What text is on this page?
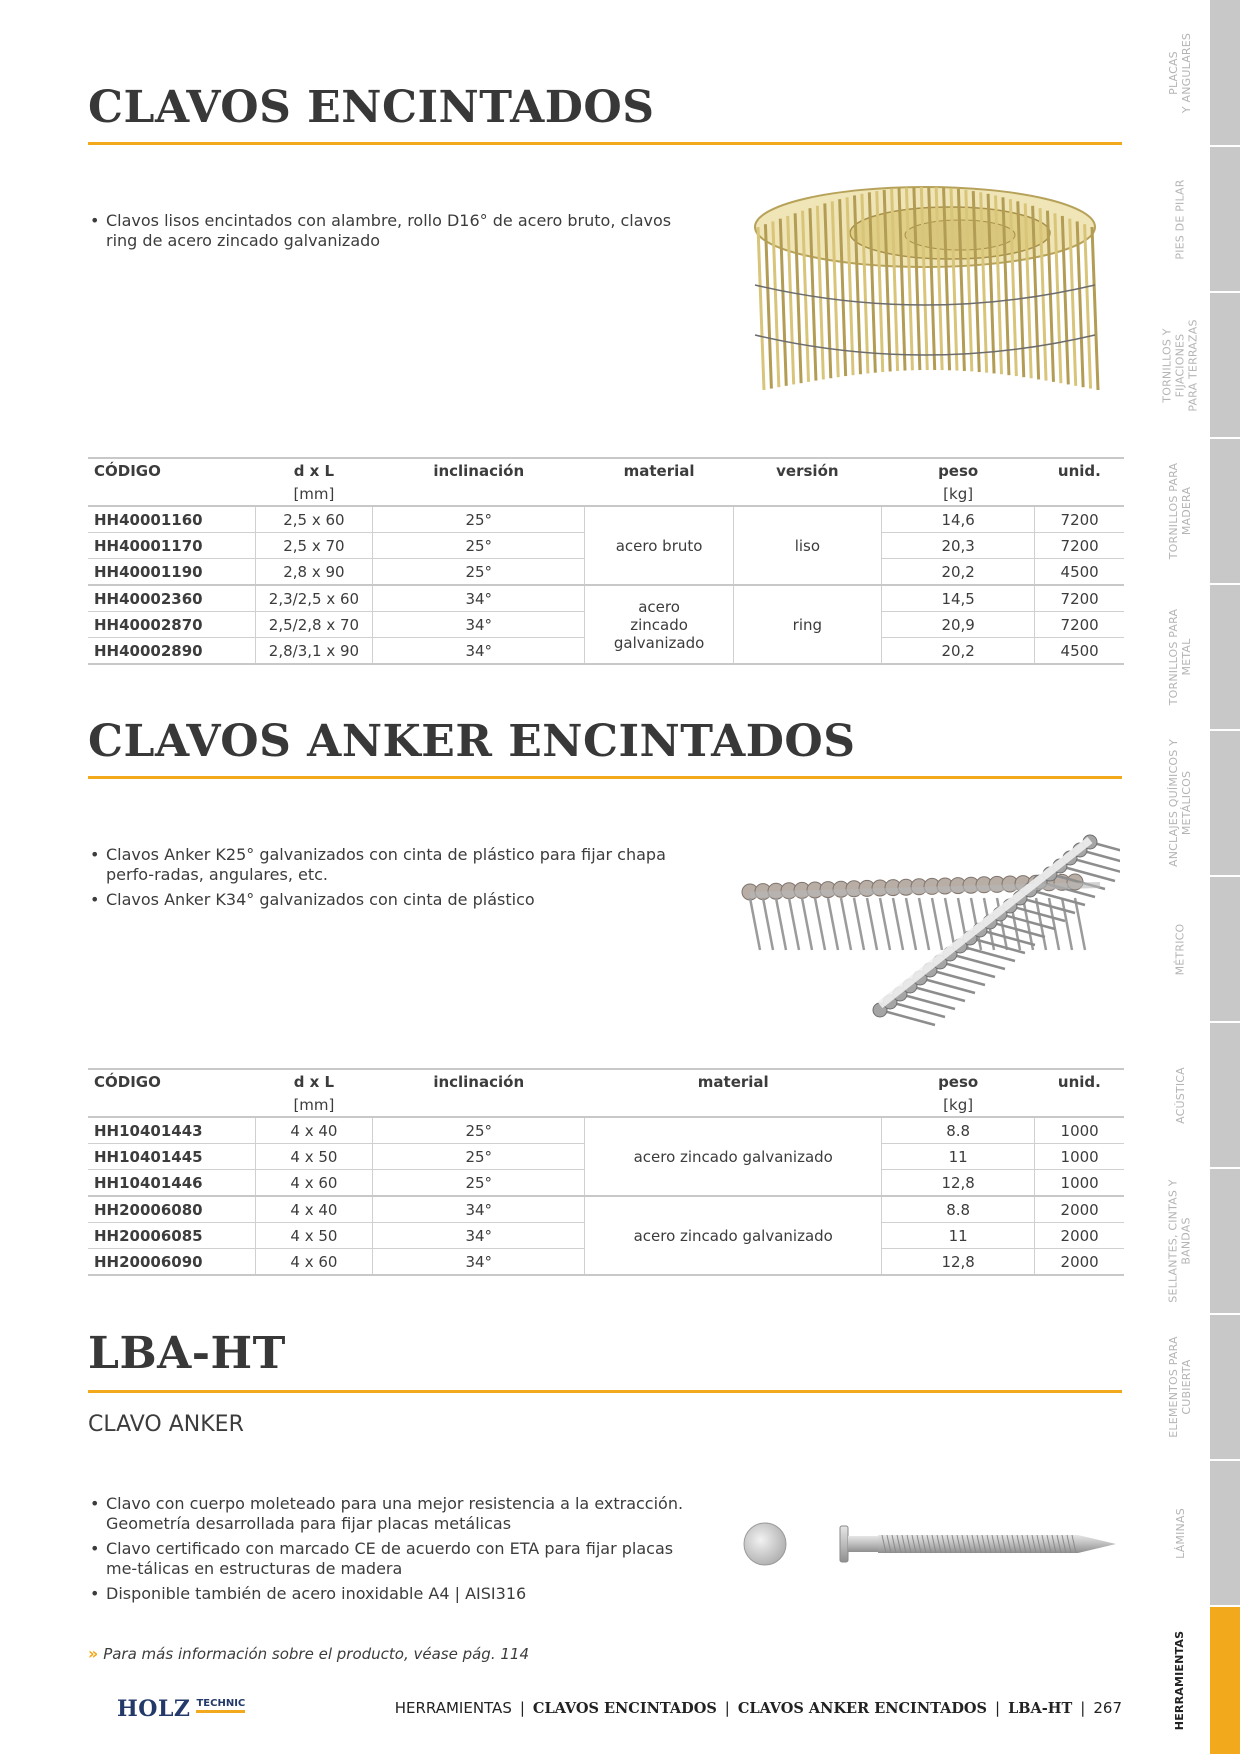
CLAVOS ENCINTADOS
• Clavos lisos encintados con alambre, rollo D16° de acero bruto, clavos ring de acero zincado galvanizado
CÓDIGO	d x L	inclinación	material	versión	peso	unid.
	[mm]				[kg]	
HH40001160	2,5 x 60	25°	acero bruto	liso	14,6	7200
HH40001170	2,5 x 70	25°			20,3	7200
HH40001190	2,8 x 90	25°			20,2	4500
HH40002360	2,3/2,5 x 60	34°	acero zincado galvanizado	ring	14,5	7200
HH40002870	2,5/2,8 x 70	34°			20,9	7200
HH40002890	2,8/3,1 x 90	34°			20,2	4500
CLAVOS ANKER ENCINTADOS
• Clavos Anker K25° galvanizados con cinta de plástico para fijar chapa perfo-radas, angulares, etc.
• Clavos Anker K34° galvanizados con cinta de plástico
CÓDIGO	d x L	inclinación	material	peso	unid.
	[mm]			[kg]	
HH10401443	4 x 40	25°	acero zincado galvanizado	8.8	1000
HH10401445	4 x 50	25°		11	1000
HH10401446	4 x 60	25°		12,8	1000
HH20006080	4 x 40	34°	acero zincado galvanizado	8.8	2000
HH20006085	4 x 50	34°		11	2000
HH20006090	4 x 60	34°		12,8	2000
LBA-HT
CLAVO ANKER
• Clavo con cuerpo moleteado para una mejor resistencia a la extracción. Geometría desarrollada para fijar placas metálicas
• Clavo certificado con marcado CE de acuerdo con ETA para fijar placas me-tálicas en estructuras de madera
• Disponible también de acero inoxidable A4 | AISI316
›› Para más información sobre el producto, véase pág. 114
HOLZ TECHNIC	HERRAMIENTAS | CLAVOS ENCINTADOS | CLAVOS ANKER ENCINTADOS | LBA-HT | 267
PLACAS
Y ANGULARES
PIES DE PILAR
TORNILLOS Y
FIJACIONES
PARA TERRAZAS
TORNILLOS PARA
MADERA
TORNILLOS PARA
METAL
ANCLAJES QUÍMICOS Y
METÁLICOS
MÉTRICO
ACÚSTICA
SELLANTES, CINTAS Y
BANDAS
ELEMENTOS PARA
CUBIERTA
LÁMINAS
HERRAMIENTAS
